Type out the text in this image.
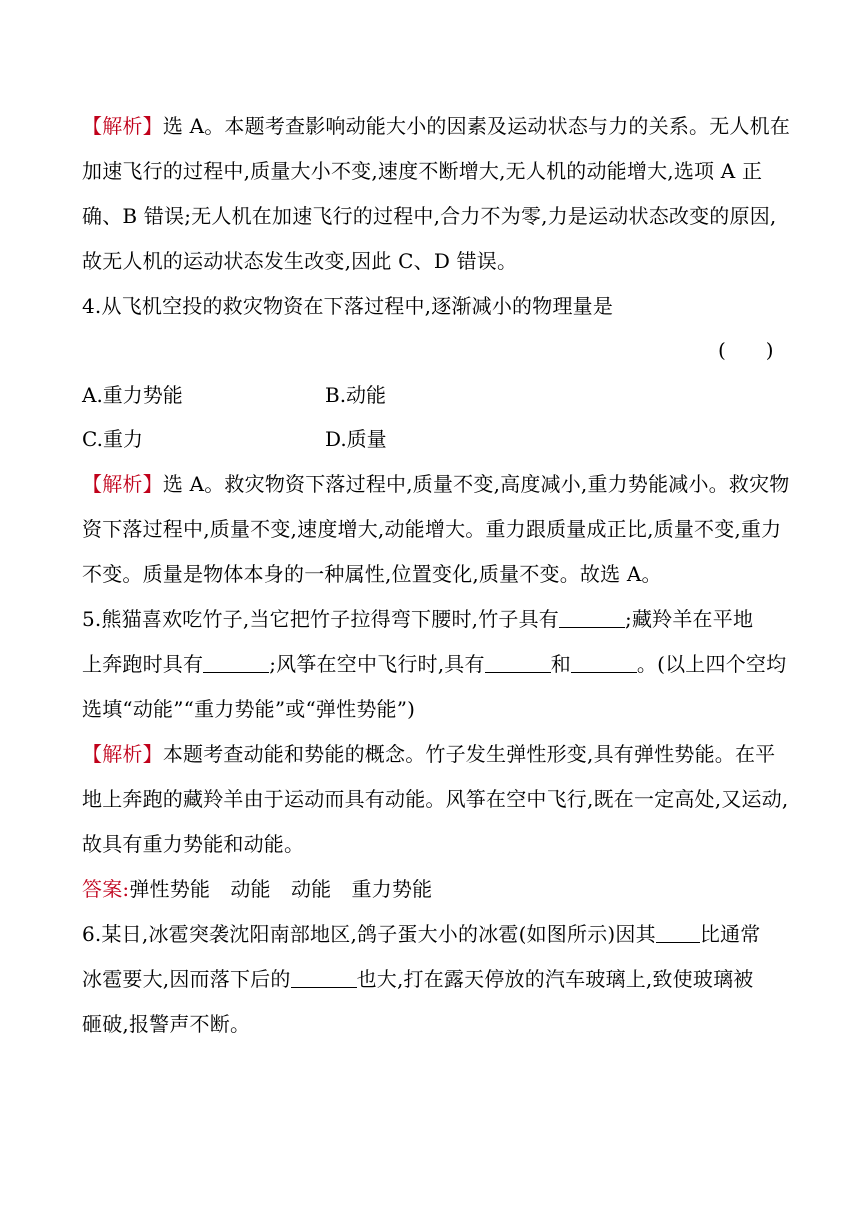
【解析】选 A。本题考查影响动能大小的因素及运动状态与力的关系。无人机在
加速飞行的过程中,质量大小不变,速度不断增大,无人机的动能增大,选项 A 正
确、B 错误;无人机在加速飞行的过程中,合力不为零,力是运动状态改变的原因,
故无人机的运动状态发生改变,因此 C、D 错误。
4.从飞机空投的救灾物资在下落过程中,逐渐减小的物理量是
(　　)
A.重力势能	B.动能
C.重力	D.质量
【解析】选 A。救灾物资下落过程中,质量不变,高度减小,重力势能减小。救灾物
资下落过程中,质量不变,速度增大,动能增大。重力跟质量成正比,质量不变,重力
不变。质量是物体本身的一种属性,位置变化,质量不变。故选 A。
5.熊猫喜欢吃竹子,当它把竹子拉得弯下腰时,竹子具有	;藏羚羊在平地
上奔跑时具有	;风筝在空中飞行时,具有	和	。(以上四个空均
选填“动能”“重力势能”或“弹性势能”)
【解析】本题考查动能和势能的概念。竹子发生弹性形变,具有弹性势能。在平
地上奔跑的藏羚羊由于运动而具有动能。风筝在空中飞行,既在一定高处,又运动,
故具有重力势能和动能。
答案:弹性势能　动能　动能　重力势能
6.某日,冰雹突袭沈阳南部地区,鸽子蛋大小的冰雹(如图所示)因其 比通常
冰雹要大,因而落下后的	也大,打在露天停放的汽车玻璃上,致使玻璃被
砸破,报警声不断。
